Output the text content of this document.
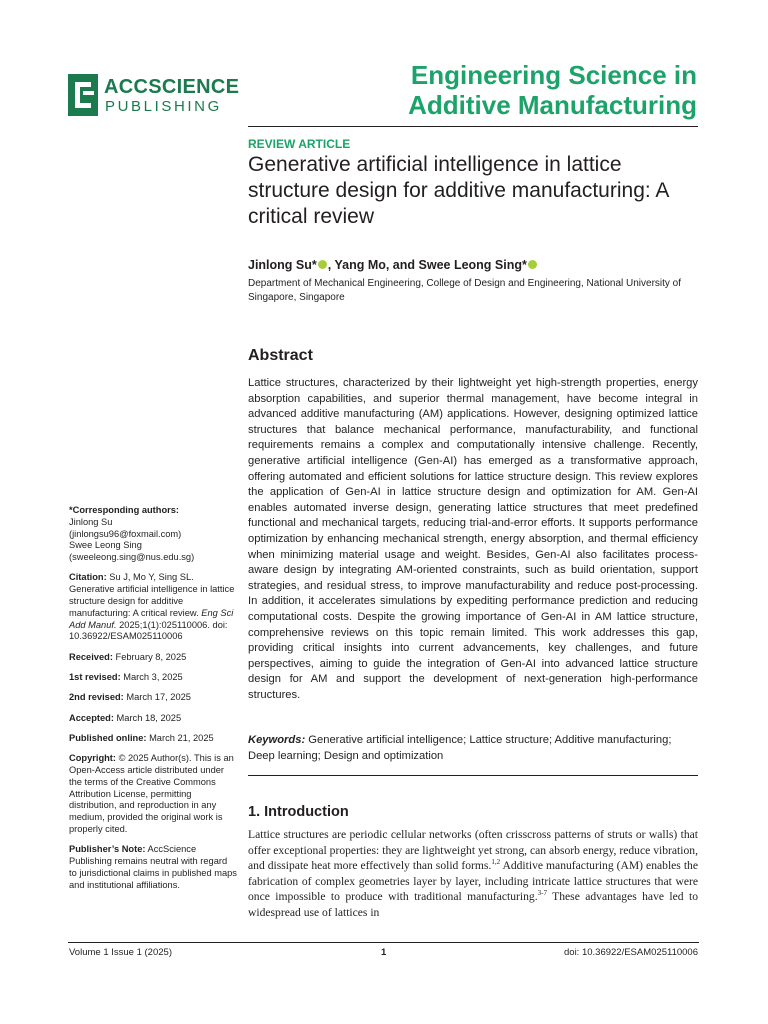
ACCSCIENCE
PUBLISHING
Engineering Science in
Additive Manufacturing
REVIEW ARTICLE
Generative artificial intelligence in lattice structure design for additive manufacturing: A critical review
Jinlong Su* , Yang Mo, and Swee Leong Sing*
Department of Mechanical Engineering, College of Design and Engineering, National University of Singapore, Singapore
Abstract
Lattice structures, characterized by their lightweight yet high-strength properties, energy absorption capabilities, and superior thermal management, have become integral in advanced additive manufacturing (AM) applications. However, designing optimized lattice structures that balance mechanical performance, manufacturability, and functional requirements remains a complex and computationally intensive challenge. Recently, generative artificial intelligence (Gen-AI) has emerged as a transformative approach, offering automated and efficient solutions for lattice structure design. This review explores the application of Gen-AI in lattice structure design and optimization for AM. Gen-AI enables automated inverse design, generating lattice structures that meet predefined functional and mechanical targets, reducing trial-and-error efforts. It supports performance optimization by enhancing mechanical strength, energy absorption, and thermal efficiency when minimizing material usage and weight. Besides, Gen-AI also facilitates process-aware design by integrating AM-oriented constraints, such as build orientation, support strategies, and residual stress, to improve manufacturability and reduce post-processing. In addition, it accelerates simulations by expediting performance prediction and reducing computational costs. Despite the growing importance of Gen-AI in AM lattice structure, comprehensive reviews on this topic remain limited. This work addresses this gap, providing critical insights into current advancements, key challenges, and future perspectives, aiming to guide the integration of Gen-AI into advanced lattice structure design for AM and support the development of next-generation high-performance structures.
Keywords: Generative artificial intelligence; Lattice structure; Additive manufacturing; Deep learning; Design and optimization
1. Introduction
Lattice structures are periodic cellular networks (often crisscross patterns of struts or walls) that offer exceptional properties: they are lightweight yet strong, can absorb energy, reduce vibration, and dissipate heat more effectively than solid forms.$^{1,2}$ Additive manufacturing (AM) enables the fabrication of complex geometries layer by layer, including intricate lattice structures that were once impossible to produce with traditional manufacturing.$^{3-7}$ These advantages have led to widespread use of lattices in

*Corresponding authors:
Jinlong Su
(jinlongsu96@foxmail.com)
Swee Leong Sing
(sweeleong.sing@nus.edu.sg)

Citation: Su J, Mo Y, Sing SL. Generative artificial intelligence in lattice structure design for additive manufacturing: A critical review. Eng Sci Add Manuf. 2025;1(1):025110006. doi: 10.36922/ESAM025110006

Received: February 8, 2025

1st revised: March 3, 2025

2nd revised: March 17, 2025

Accepted: March 18, 2025

Published online: March 21, 2025

Copyright: © 2025 Author(s). This is an Open-Access article distributed under the terms of the Creative Commons Attribution License, permitting distribution, and reproduction in any medium, provided the original work is properly cited.

Publisher’s Note: AccScience Publishing remains neutral with regard to jurisdictional claims in published maps and institutional affiliations.

Volume 1 Issue 1 (2025)	1	doi: 10.36922/ESAM025110006
